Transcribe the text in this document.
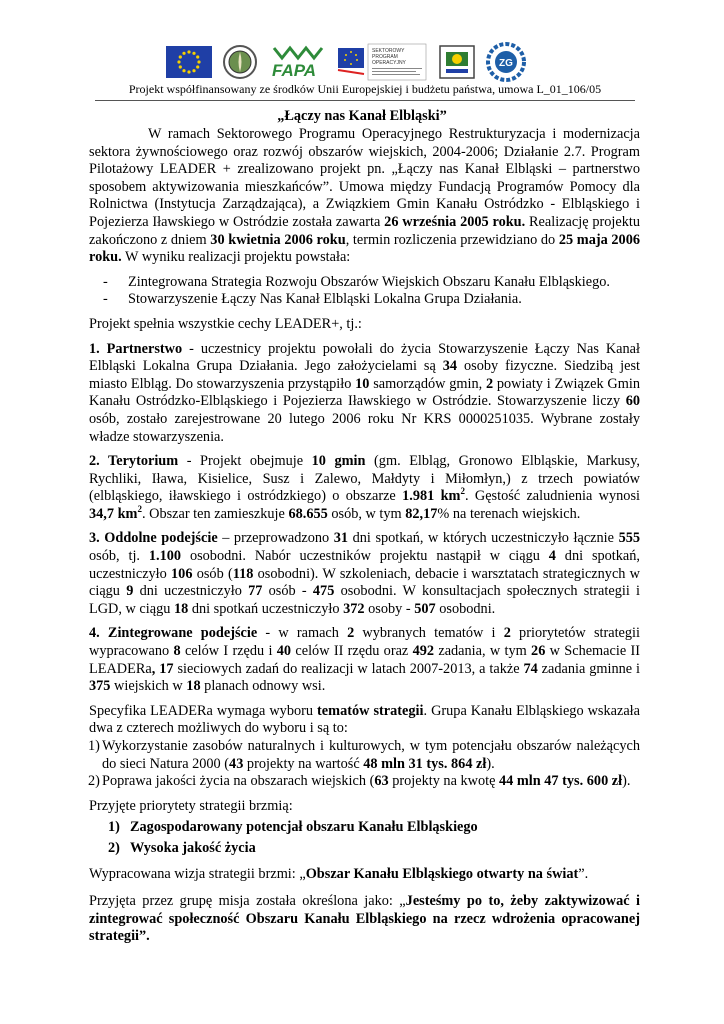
FAPA
SEKTOROWY
PROGRAM
OPERACYJNY	ZG
Projekt współfinansowany ze środków Unii Europejskiej i budżetu państwa, umowa L_01_106/05
„Łączy nas Kanał Elbląski”

W ramach Sektorowego Programu Operacyjnego Restrukturyzacja i modernizacja sektora żywnościowego oraz rozwój obszarów wiejskich, 2004-2006; Działanie 2.7. Program Pilotażowy LEADER + zrealizowano projekt pn. „Łączy nas Kanał Elbląski – partnerstwo sposobem aktywizowania mieszkańców”. Umowa między Fundacją Programów Pomocy dla Rolnictwa (Instytucja Zarządzająca), a Związkiem Gmin Kanału Ostródzko - Elbląskiego i Pojezierza Iławskiego w Ostródzie została zawarta 26 września 2005 roku. Realizację projektu zakończono z dniem 30 kwietnia 2006 roku, termin rozliczenia przewidziano do 25 maja 2006 roku. W wyniku realizacji projektu powstała:

-	Zintegrowana Strategia Rozwoju Obszarów Wiejskich Obszaru Kanału Elbląskiego.
-	Stowarzyszenie Łączy Nas Kanał Elbląski Lokalna Grupa Działania.

Projekt spełnia wszystkie cechy LEADER+, tj.:

1. Partnerstwo - uczestnicy projektu powołali do życia Stowarzyszenie Łączy Nas Kanał Elbląski Lokalna Grupa Działania. Jego założycielami są 34 osoby fizyczne. Siedzibą jest miasto Elbląg. Do stowarzyszenia przystąpiło 10 samorządów gmin, 2 powiaty i Związek Gmin Kanału Ostródzko-Elbląskiego i Pojezierza Iławskiego w Ostródzie. Stowarzyszenie liczy 60 osób, zostało zarejestrowane 20 lutego 2006 roku Nr KRS 0000251035. Wybrane zostały władze stowarzyszenia.

2. Terytorium - Projekt obejmuje 10 gmin (gm. Elbląg, Gronowo Elbląskie, Markusy, Rychliki, Iława, Kisielice, Susz i Zalewo, Małdyty i Miłomłyn,) z trzech powiatów (elbląskiego, iławskiego i ostródzkiego) o obszarze 1.981 $km^2$. Gęstość zaludnienia wynosi 34,7 $km^2$. Obszar ten zamieszkuje 68.655 osób, w tym 82,17% na terenach wiejskich.

3. Oddolne podejście – przeprowadzono 31 dni spotkań, w których uczestniczyło łącznie 555 osób, tj. 1.100 osobodni. Nabór uczestników projektu nastąpił w ciągu 4 dni spotkań, uczestniczyło 106 osób (118 osobodni). W szkoleniach, debacie i warsztatach strategicznych w ciągu 9 dni uczestniczyło 77 osób - 475 osobodni. W konsultacjach społecznych strategii i LGD, w ciągu 18 dni spotkań uczestniczyło 372 osoby - 507 osobodni.

4. Zintegrowane podejście - w ramach 2 wybranych tematów i 2 priorytetów strategii wypracowano 8 celów I rzędu i 40 celów II rzędu oraz 492 zadania, w tym 26 w Schemacie II LEADERa, 17 sieciowych zadań do realizacji w latach 2007-2013, a także 74 zadania gminne i 375 wiejskich w 18 planach odnowy wsi.

Specyfika LEADERa wymaga wyboru tematów strategii. Grupa Kanału Elbląskiego wskazała dwa z czterech możliwych do wyboru i są to:

1) Wykorzystanie zasobów naturalnych i kulturowych, w tym potencjału obszarów należących do sieci Natura 2000 (43 projekty na wartość 48 mln 31 tys. 864 zł).
2) Poprawa jakości życia na obszarach wiejskich (63 projekty na kwotę 44 mln 47 tys. 600 zł).

Przyjęte priorytety strategii brzmią:

1) Zagospodarowany potencjał obszaru Kanału Elbląskiego
2) Wysoka jakość życia

Wypracowana wizja strategii brzmi: „Obszar Kanału Elbląskiego otwarty na świat”.

Przyjęta przez grupę misja została określona jako: „Jesteśmy po to, żeby zaktywizować i zintegrować społeczność Obszaru Kanału Elbląskiego na rzecz wdrożenia opracowanej strategii”.
